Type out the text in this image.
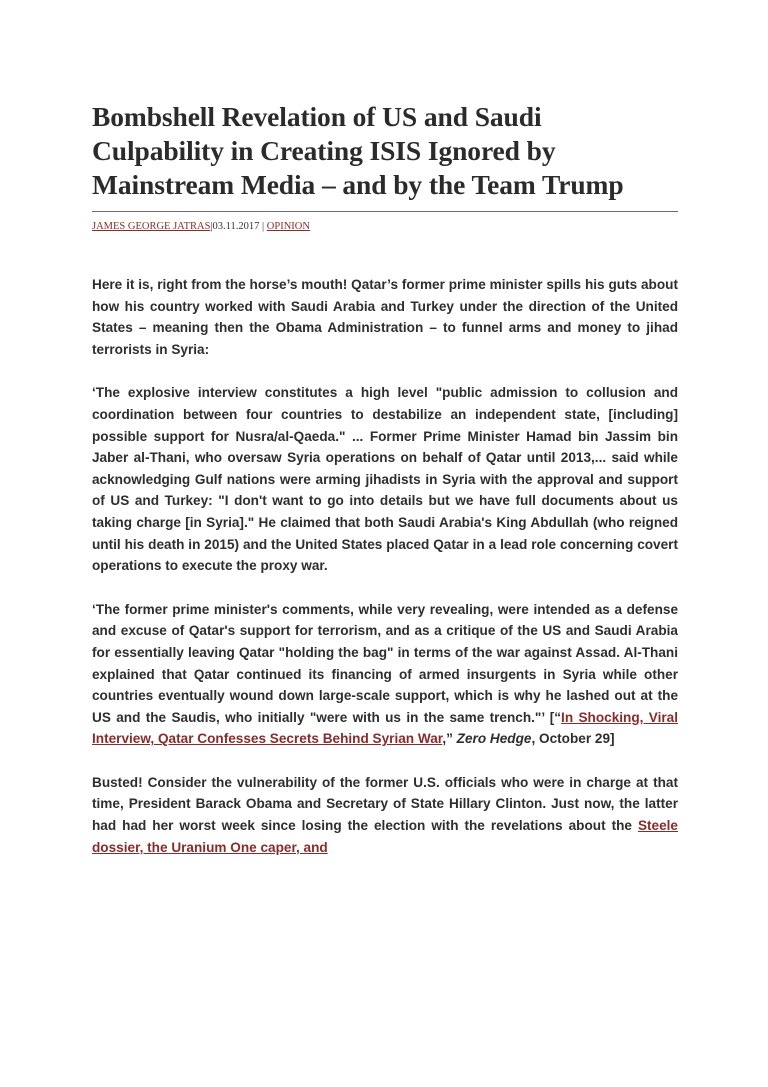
Bombshell Revelation of US and Saudi
Culpability in Creating ISIS Ignored by
Mainstream Media – and by the Team Trump
JAMES GEORGE JATRAS|03.11.2017 | OPINION

Here it is, right from the horse’s mouth! Qatar’s former prime minister spills his guts about how his country worked with Saudi Arabia and Turkey under the direction of the United States – meaning then the Obama Administration – to funnel arms and money to jihad terrorists in Syria:

‘The explosive interview constitutes a high level "public admission to collusion and coordination between four countries to destabilize an independent state, [including] possible support for Nusra/al-Qaeda." ... Former Prime Minister Hamad bin Jassim bin Jaber al-Thani, who oversaw Syria operations on behalf of Qatar until 2013,... said while acknowledging Gulf nations were arming jihadists in Syria with the approval and support of US and Turkey: "I don't want to go into details but we have full documents about us taking charge [in Syria]." He claimed that both Saudi Arabia's King Abdullah (who reigned until his death in 2015) and the United States placed Qatar in a lead role concerning covert operations to execute the proxy war.

‘The former prime minister's comments, while very revealing, were intended as a defense and excuse of Qatar's support for terrorism, and as a critique of the US and Saudi Arabia for essentially leaving Qatar "holding the bag" in terms of the war against Assad. Al-Thani explained that Qatar continued its financing of armed insurgents in Syria while other countries eventually wound down large-scale support, which is why he lashed out at the US and the Saudis, who initially "were with us in the same trench."’ [“In Shocking, Viral Interview, Qatar Confesses Secrets Behind Syrian War,” Zero Hedge, October 29]

Busted! Consider the vulnerability of the former U.S. officials who were in charge at that time, President Barack Obama and Secretary of State Hillary Clinton. Just now, the latter had had her worst week since losing the election with the revelations about the Steele dossier, the Uranium One caper, and
